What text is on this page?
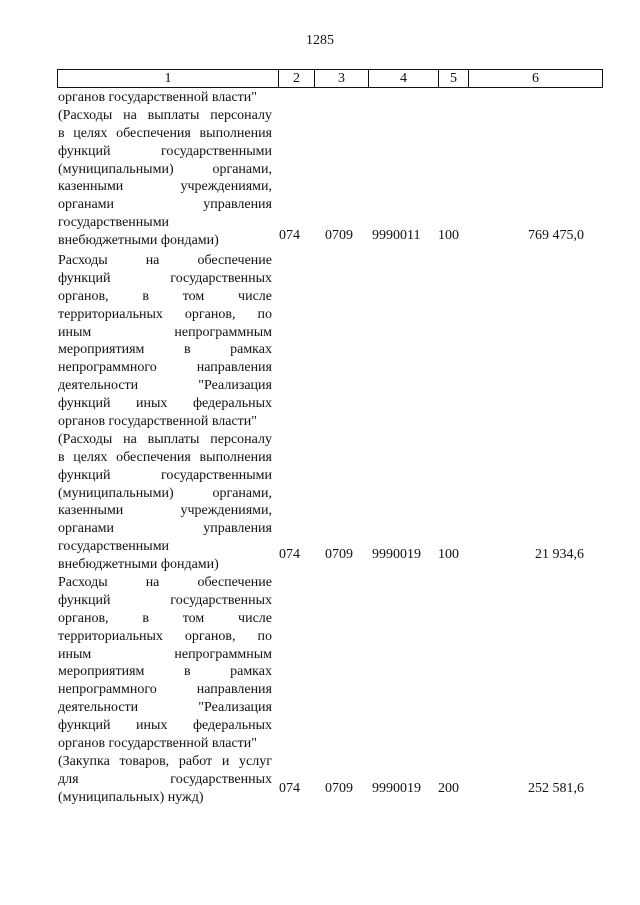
1285
1	2	3	4	5	6
органов государственной власти"
(Расходы на выплаты персоналу
в целях обеспечения выполнения
функций государственными
(муниципальными) органами,
казенными учреждениями,
органами управления
государственными
внебюджетными фондами)	074 0709 9990011 100	769 475,0
Расходы на обеспечение
функций государственных
органов, в том числе
территориальных органов, по
иным непрограммным
мероприятиям в рамках
непрограммного направления
деятельности "Реализация
функций иных федеральных
органов государственной власти"
(Расходы на выплаты персоналу
в целях обеспечения выполнения
функций государственными
(муниципальными) органами,
казенными учреждениями,
органами управления
государственными
внебюджетными фондами)
074 0709 9990019 100	21 934,6
Расходы на обеспечение
функций государственных
органов, в том числе
территориальных органов, по
иным непрограммным
мероприятиям в рамках
непрограммного направления
деятельности "Реализация
функций иных федеральных
органов государственной власти"
(Закупка товаров, работ и услуг
для государственных
(муниципальных) нужд)
074 0709 9990019 200	252 581,6
